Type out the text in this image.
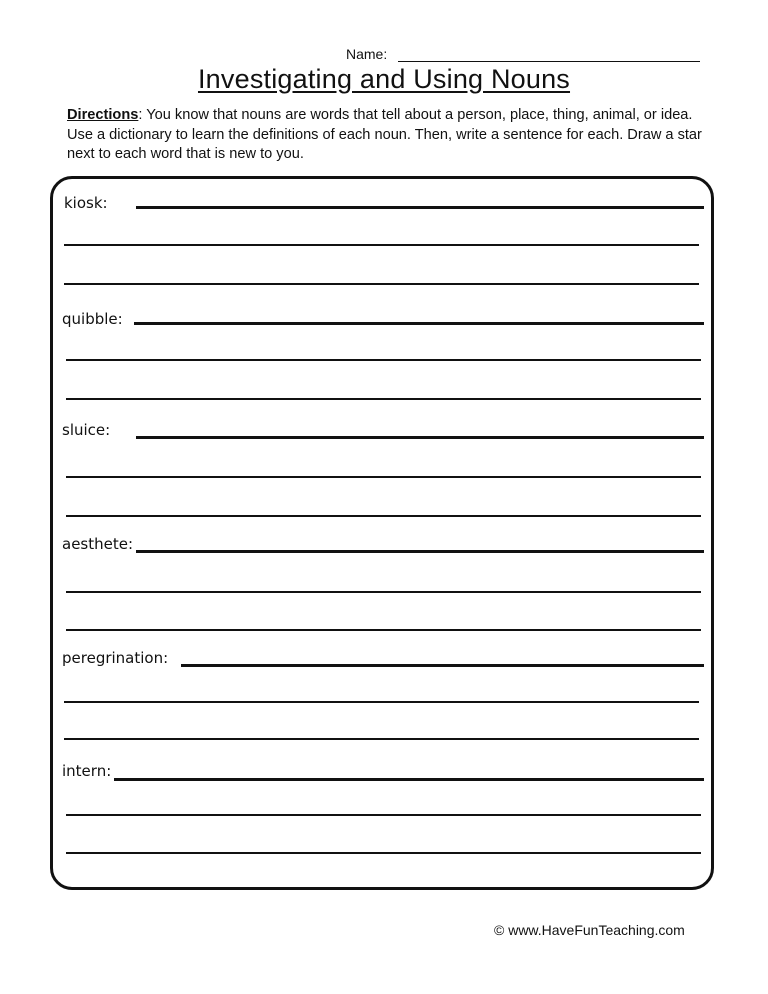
Name:
Investigating and Using Nouns
Directions: You know that nouns are words that tell about a person, place, thing, animal, or idea. Use a dictionary to learn the definitions of each noun. Then, write a sentence for each. Draw a star next to each word that is new to you.
kiosk:
quibble:
sluice:
aesthete:
peregrination:
intern:
© www.HaveFunTeaching.com
